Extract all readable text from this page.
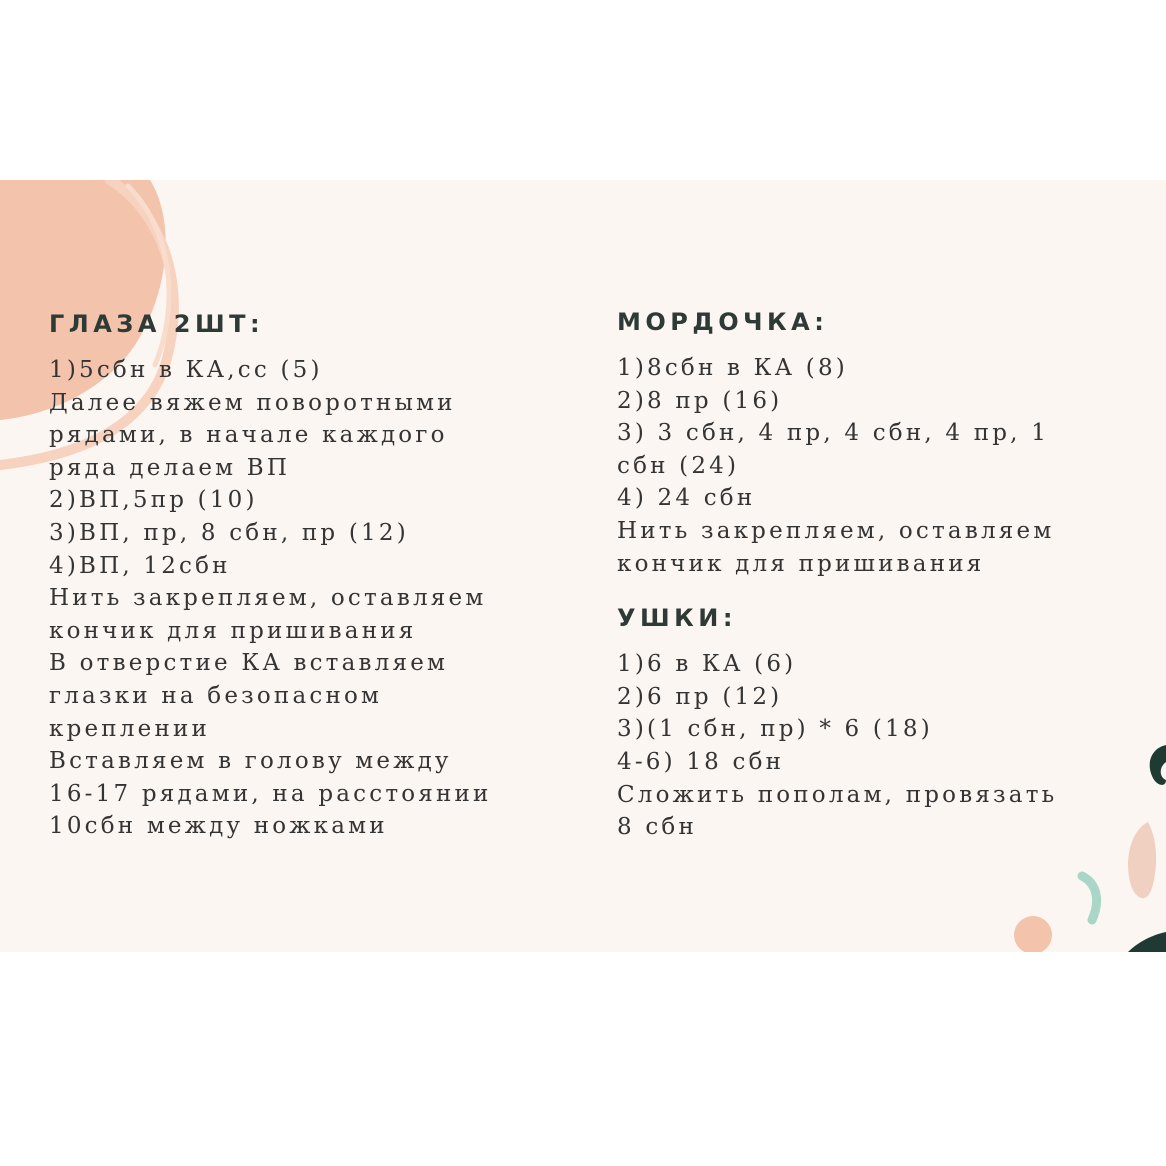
ГЛАЗА 2ШТ:
1)5сбн в КА,сс (5)
Далее вяжем поворотными
рядами, в начале каждого
ряда делаем ВП
2)ВП,5пр (10)
3)ВП, пр, 8 сбн, пр (12)
4)ВП, 12сбн
Нить закрепляем, оставляем
кончик для пришивания
В отверстие КА вставляем
глазки на безопасном
креплении
Вставляем в голову между
16-17 рядами, на расстоянии
10сбн между ножками
МОРДОЧКА:
1)8сбн в КА (8)
2)8 пр (16)
3) 3 сбн, 4 пр, 4 сбн, 4 пр, 1
сбн (24)
4) 24 сбн
Нить закрепляем, оставляем
кончик для пришивания
УШКИ:
1)6 в КА (6)
2)6 пр (12)
3)(1 сбн, пр) * 6 (18)
4-6) 18 сбн
Сложить пополам, провязать
8 сбн
